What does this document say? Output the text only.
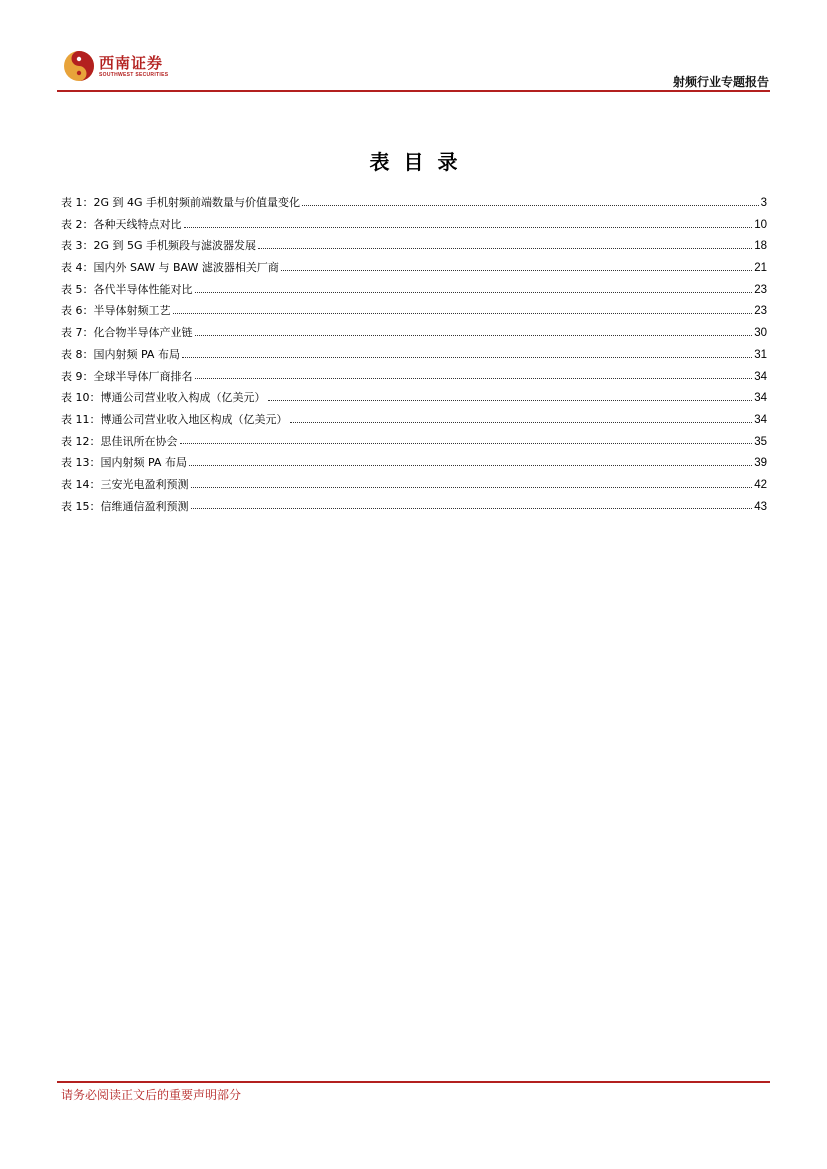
西南证券
SOUTHWEST SECURITIES	射频行业专题报告
表目录
表 1： 2G 到 4G 手机射频前端数量与价值量变化	3
表 2： 各种天线特点对比	10
表 3： 2G 到 5G 手机频段与滤波器发展	18
表 4： 国内外 SAW 与 BAW 滤波器相关厂商	21
表 5： 各代半导体性能对比	23
表 6： 半导体射频工艺	23
表 7： 化合物半导体产业链	30
表 8： 国内射频 PA 布局	31
表 9： 全球半导体厂商排名	34
表 10： 博通公司营业收入构成（亿美元）	34
表 11： 博通公司营业收入地区构成（亿美元）	34
表 12： 思佳讯所在协会	35
表 13： 国内射频 PA 布局	39
表 14： 三安光电盈利预测	42
表 15： 信维通信盈利预测	43
请务必阅读正文后的重要声明部分
